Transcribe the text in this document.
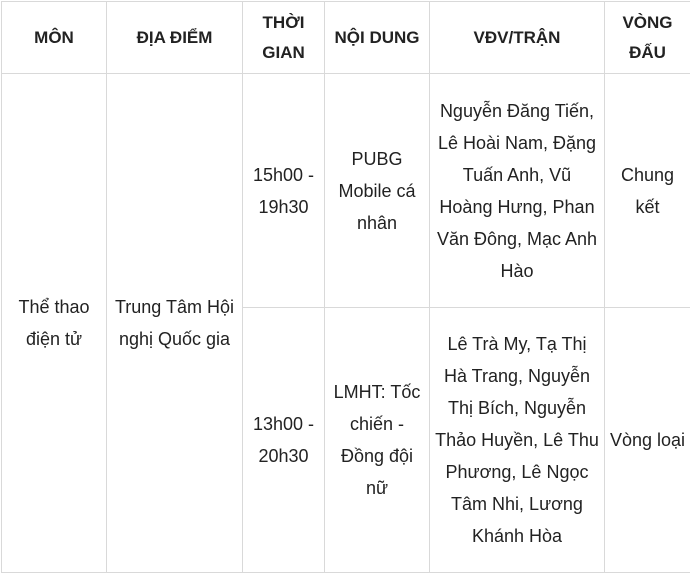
MÔN	ĐỊA ĐIỂM	THỜI GIAN	NỘI DUNG	VĐV/TRẬN	VÒNG ĐẤU
Thể thao điện tử	Trung Tâm Hội nghị Quốc gia	15h00 - 19h30	PUBG Mobile cá nhân	Nguyễn Đăng Tiến, Lê Hoài Nam, Đặng Tuấn Anh, Vũ Hoàng Hưng, Phan Văn Đông, Mạc Anh Hào	Chung kết
		13h00 - 20h30	LMHT: Tốc chiến - Đồng đội nữ	Lê Trà My, Tạ Thị Hà Trang, Nguyễn Thị Bích, Nguyễn Thảo Huyền, Lê Thu Phương, Lê Ngọc Tâm Nhi, Lương Khánh Hòa	Vòng loại
